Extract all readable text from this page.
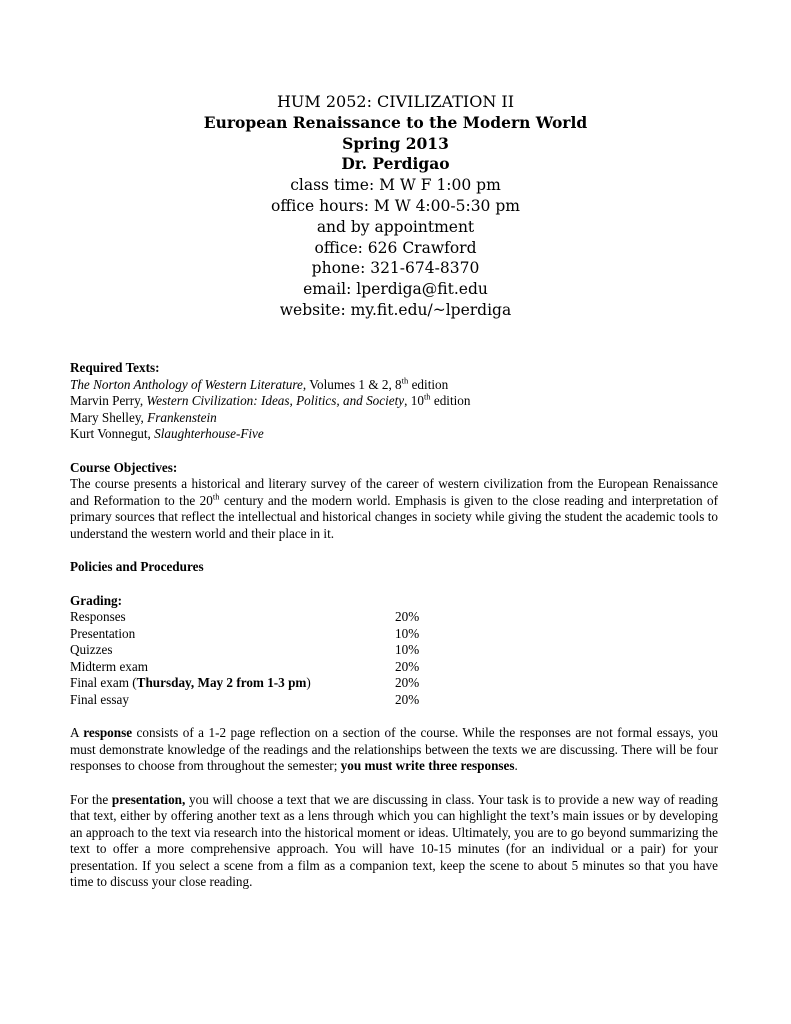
HUM 2052: CIVILIZATION II
European Renaissance to the Modern World
Spring 2013
Dr. Perdigao
class time: M W F 1:00 pm
office hours: M W 4:00-5:30 pm
and by appointment
office: 626 Crawford
phone: 321-674-8370
email: lperdiga@fit.edu
website: my.fit.edu/~lperdiga

Required Texts:

The Norton Anthology of Western Literature, Volumes 1 & 2, 8th edition

Marvin Perry, Western Civilization: Ideas, Politics, and Society, 10th edition

Mary Shelley, Frankenstein

Kurt Vonnegut, Slaughterhouse-Five

Course Objectives:

The course presents a historical and literary survey of the career of western civilization from the European Renaissance and Reformation to the 20th century and the modern world. Emphasis is given to the close reading and interpretation of primary sources that reflect the intellectual and historical changes in society while giving the student the academic tools to understand the western world and their place in it.

Policies and Procedures

Grading:

Responses	20%
Presentation	10%
Quizzes	10%
Midterm exam	20%
Final exam (Thursday, May 2 from 1-3 pm)	20%
Final essay	20%

A response consists of a 1-2 page reflection on a section of the course. While the responses are not formal essays, you must demonstrate knowledge of the readings and the relationships between the texts we are discussing. There will be four responses to choose from throughout the semester; you must write three responses.

For the presentation, you will choose a text that we are discussing in class. Your task is to provide a new way of reading that text, either by offering another text as a lens through which you can highlight the text’s main issues or by developing an approach to the text via research into the historical moment or ideas. Ultimately, you are to go beyond summarizing the text to offer a more comprehensive approach. You will have 10-15 minutes (for an individual or a pair) for your presentation. If you select a scene from a film as a companion text, keep the scene to about 5 minutes so that you have time to discuss your close reading.
